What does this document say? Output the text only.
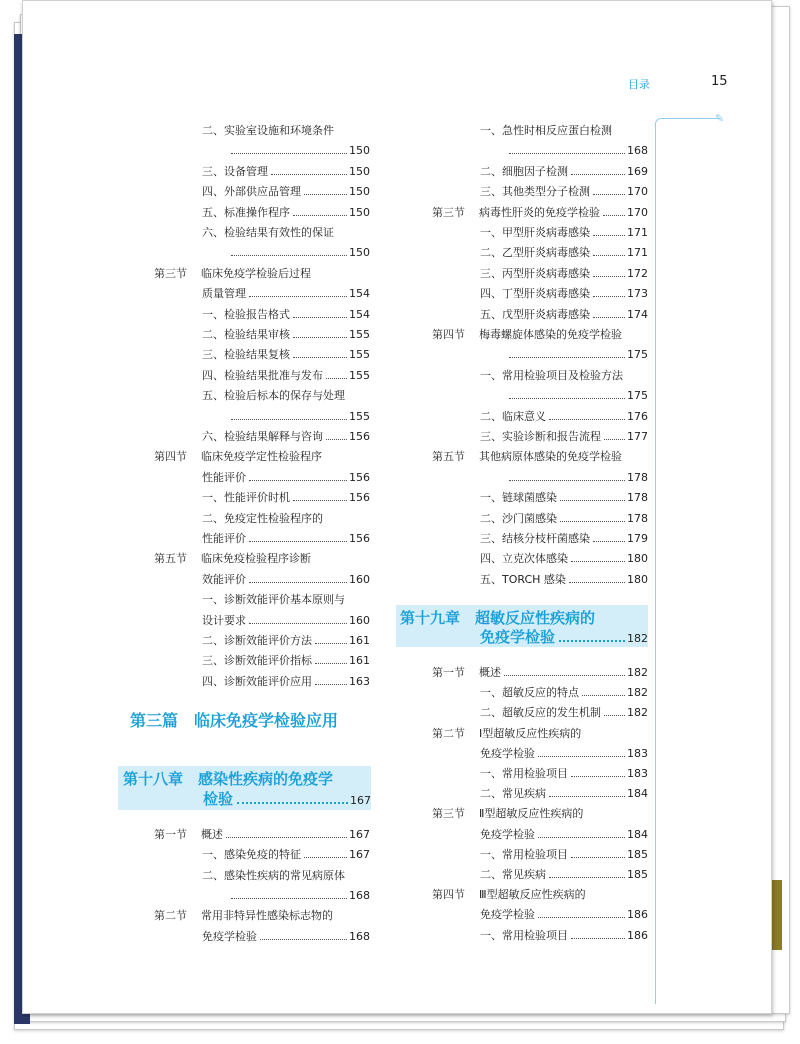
目录	15
✎
二、实验室设施和环境条件
150
三、设备管理	150
四、外部供应品管理	150
五、标准操作程序	150
六、检验结果有效性的保证
150
第三节	临床免疫学检验后过程
质量管理	154
一、检验报告格式	154
二、检验结果审核	155
三、检验结果复核	155
四、检验结果批准与发布 155
五、检验后标本的保存与处理
155
六、检验结果解释与咨询 156
第四节	临床免疫学定性检验程序
性能评价	156
一、性能评价时机	156
二、免疫定性检验程序的
性能评价	156
第五节	临床免疫检验程序诊断
效能评价	160
一、诊断效能评价基本原则与
设计要求	160
二、诊断效能评价方法	161
三、诊断效能评价指标	161
四、诊断效能评价应用	163
第三篇　临床免疫学检验应用
第十八章　感染性疾病的免疫学
检验	167
第一节	概述	167
一、感染免疫的特征	167
二、感染性疾病的常见病原体
168
第二节	常用非特异性感染标志物的
免疫学检验	168
一、急性时相反应蛋白检测
168
二、细胞因子检测	169
三、其他类型分子检测	170
第三节	病毒性肝炎的免疫学检验 170
一、甲型肝炎病毒感染	171
二、乙型肝炎病毒感染	171
三、丙型肝炎病毒感染	172
四、丁型肝炎病毒感染	173
五、戊型肝炎病毒感染	174
第四节	梅毒螺旋体感染的免疫学检验
175
一、常用检验项目及检验方法
175
二、临床意义	176
三、实验诊断和报告流程 177
第五节	其他病原体感染的免疫学检验
178
一、链球菌感染	178
二、沙门菌感染	178
三、结核分枝杆菌感染	179
四、立克次体感染	180
五、TORCH 感染	180
第十九章　超敏反应性疾病的
免疫学检验	182
第一节	概述	182
一、超敏反应的特点	182
二、超敏反应的发生机制 182
第二节	Ⅰ型超敏反应性疾病的
免疫学检验	183
一、常用检验项目	183
二、常见疾病	184
第三节	Ⅱ型超敏反应性疾病的
免疫学检验	184
一、常用检验项目	185
二、常见疾病	185
第四节	Ⅲ型超敏反应性疾病的
免疫学检验	186
一、常用检验项目	186
